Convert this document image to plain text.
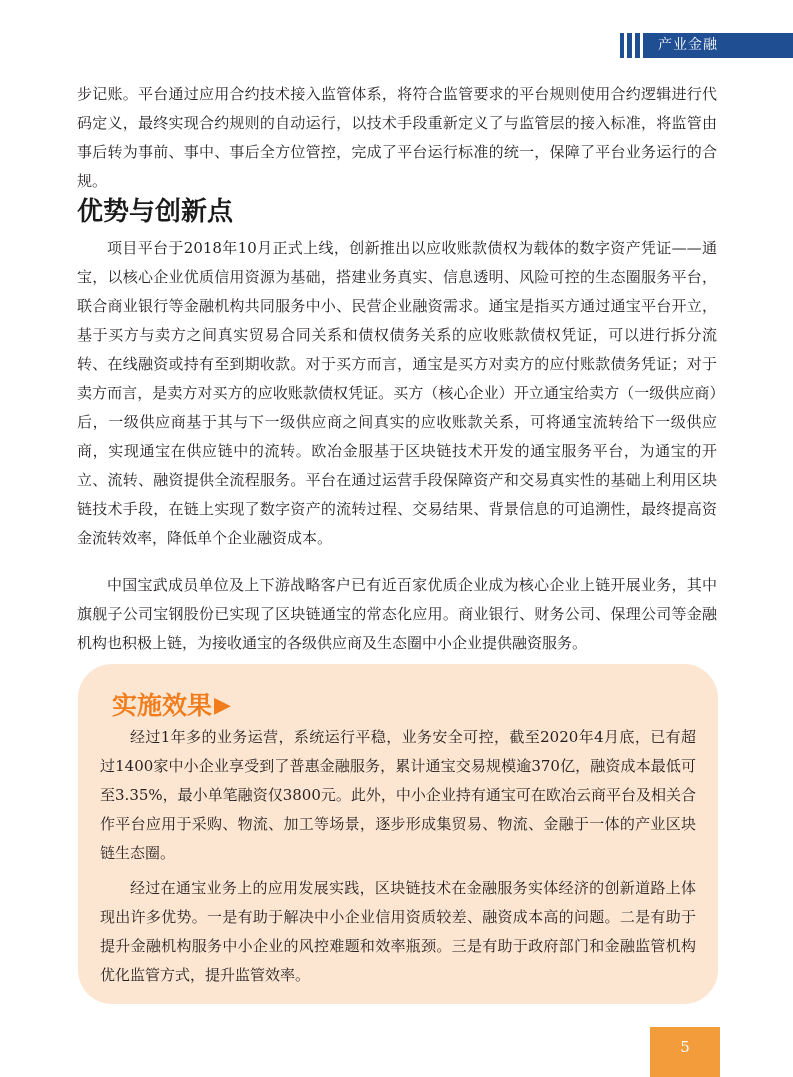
产业金融

步记账。平台通过应用合约技术接入监管体系，将符合监管要求的平台规则使用合约逻辑进行代码定义，最终实现合约规则的自动运行，以技术手段重新定义了与监管层的接入标准，将监管由事后转为事前、事中、事后全方位管控，完成了平台运行标准的统一，保障了平台业务运行的合规。

优势与创新点

项目平台于2018年10月正式上线，创新推出以应收账款债权为载体的数字资产凭证——通宝，以核心企业优质信用资源为基础，搭建业务真实、信息透明、风险可控的生态圈服务平台，联合商业银行等金融机构共同服务中小、民营企业融资需求。通宝是指买方通过通宝平台开立，基于买方与卖方之间真实贸易合同关系和债权债务关系的应收账款债权凭证，可以进行拆分流转、在线融资或持有至到期收款。对于买方而言，通宝是买方对卖方的应付账款债务凭证；对于卖方而言，是卖方对买方的应收账款债权凭证。买方（核心企业）开立通宝给卖方（一级供应商）后，一级供应商基于其与下一级供应商之间真实的应收账款关系，可将通宝流转给下一级供应商，实现通宝在供应链中的流转。欧冶金服基于区块链技术开发的通宝服务平台，为通宝的开立、流转、融资提供全流程服务。平台在通过运营手段保障资产和交易真实性的基础上利用区块链技术手段，在链上实现了数字资产的流转过程、交易结果、背景信息的可追溯性，最终提高资金流转效率，降低单个企业融资成本。

中国宝武成员单位及上下游战略客户已有近百家优质企业成为核心企业上链开展业务，其中旗舰子公司宝钢股份已实现了区块链通宝的常态化应用。商业银行、财务公司、保理公司等金融机构也积极上链，为接收通宝的各级供应商及生态圈中小企业提供融资服务。

实施效果▶

经过1年多的业务运营，系统运行平稳，业务安全可控，截至2020年4月底，已有超过1400家中小企业享受到了普惠金融服务，累计通宝交易规模逾370亿，融资成本最低可至3.35%，最小单笔融资仅3800元。此外，中小企业持有通宝可在欧冶云商平台及相关合作平台应用于采购、物流、加工等场景，逐步形成集贸易、物流、金融于一体的产业区块链生态圈。

经过在通宝业务上的应用发展实践，区块链技术在金融服务实体经济的创新道路上体现出许多优势。一是有助于解决中小企业信用资质较差、融资成本高的问题。二是有助于提升金融机构服务中小企业的风控难题和效率瓶颈。三是有助于政府部门和金融监管机构优化监管方式，提升监管效率。

5
